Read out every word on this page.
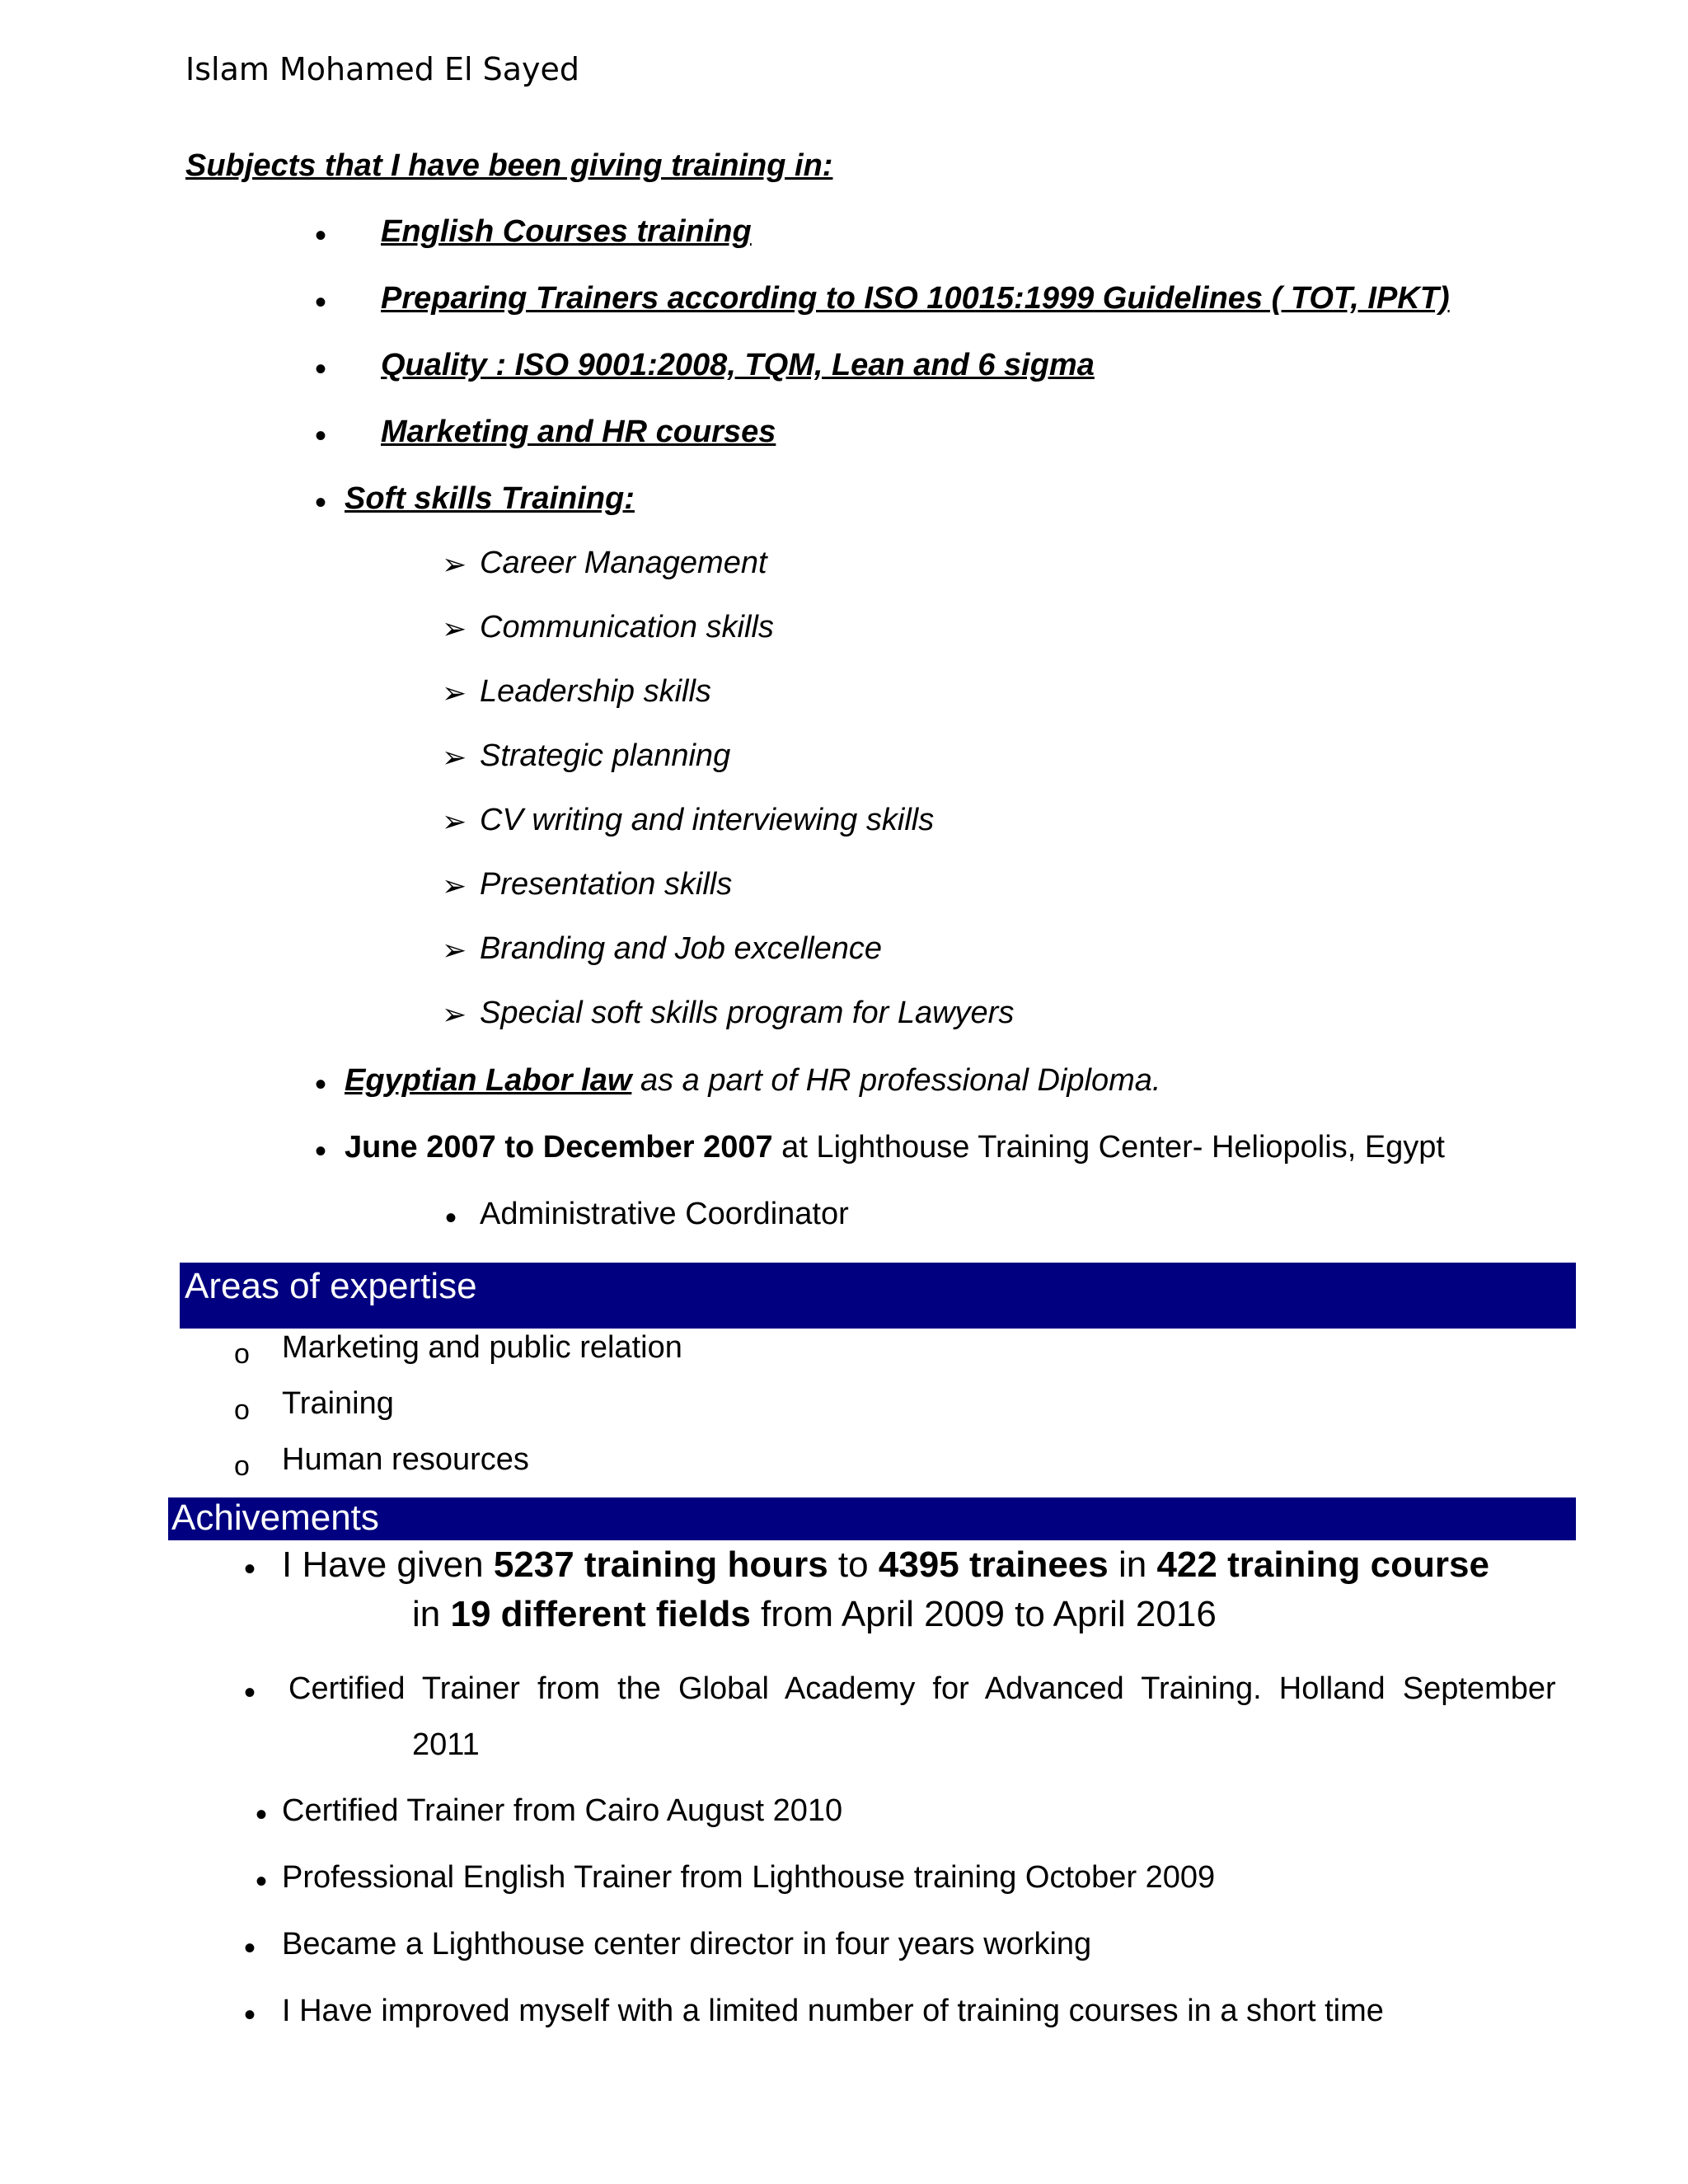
Islam Mohamed El Sayed
Subjects that I have been giving training in:
• English Courses training
• Preparing Trainers according to ISO 10015:1999 Guidelines ( TOT, IPKT)
• Quality : ISO 9001:2008, TQM, Lean and 6 sigma
• Marketing and HR courses
• Soft skills Training:
➢ Career Management
➢ Communication skills
➢ Leadership skills
➢ Strategic planning
➢ CV writing and interviewing skills
➢ Presentation skills
➢ Branding and Job excellence
➢ Special soft skills program for Lawyers
• Egyptian Labor law as a part of HR professional Diploma.
• June 2007 to December 2007 at Lighthouse Training Center- Heliopolis, Egypt
• Administrative Coordinator
Areas of expertise
o Marketing and public relation
o Training
o Human resources
Achivements
• I Have given 5237 training hours to 4395 trainees in 422 training course
in 19 different fields from April 2009 to April 2016
• Certified  Trainer  from  the  Global  Academy  for  Advanced  Training.  Holland  September
2011
• Certified Trainer from Cairo August 2010
• Professional English Trainer from Lighthouse training October 2009
• Became a Lighthouse center director in four years working
• I Have improved myself with a limited number of training courses in a short time
